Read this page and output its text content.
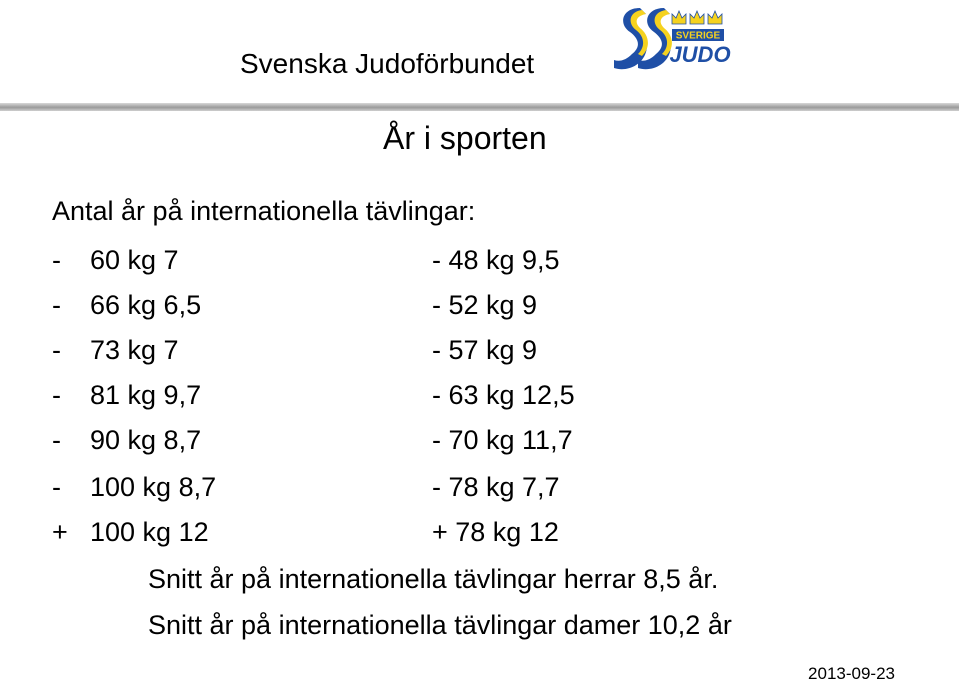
Svenska Judoförbundet
SVERIGE
JUDO
År i sporten
Antal år på internationella tävlingar:
- 60 kg 7	- 48 kg 9,5
- 66 kg 6,5	- 52 kg 9
- 73 kg 7	- 57 kg 9
- 81 kg 9,7	- 63 kg 12,5
- 90 kg 8,7	- 70 kg 11,7
- 100 kg 8,7	- 78 kg 7,7
+ 100 kg 12	+ 78 kg 12
Snitt år på internationella tävlingar herrar 8,5 år.
Snitt år på internationella tävlingar damer 10,2 år
2013-09-23
